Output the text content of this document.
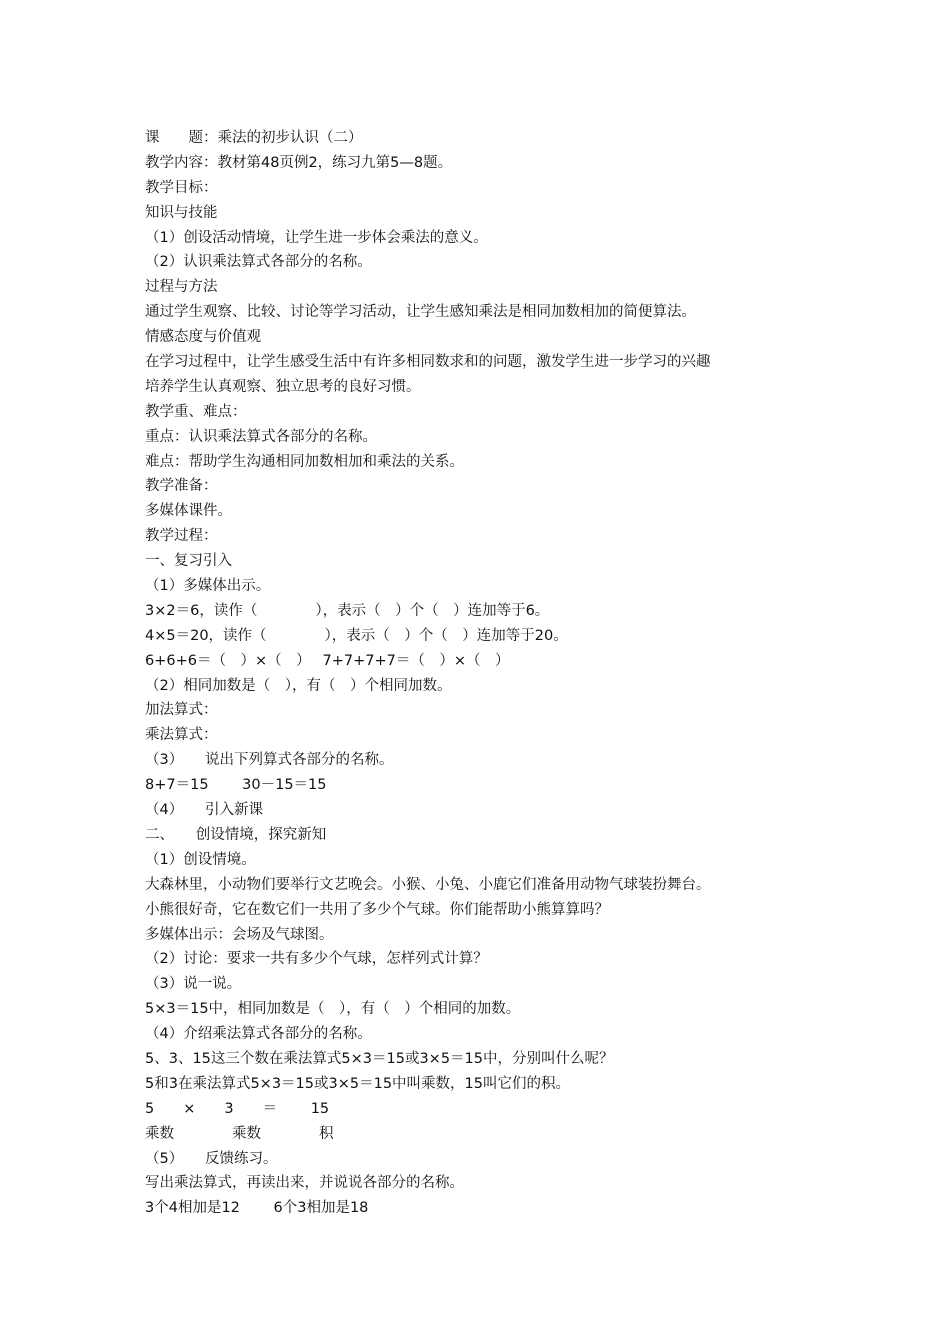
课　　题：乘法的初步认识（二）
教学内容：教材第48页例2，练习九第5—8题。
教学目标：
知识与技能
（1）创设活动情境，让学生进一步体会乘法的意义。
（2）认识乘法算式各部分的名称。
过程与方法
通过学生观察、比较、讨论等学习活动，让学生感知乘法是相同加数相加的简便算法。
情感态度与价值观
在学习过程中，让学生感受生活中有许多相同数求和的问题，激发学生进一步学习的兴趣
培养学生认真观察、独立思考的良好习惯。
教学重、难点：
重点：认识乘法算式各部分的名称。
难点：帮助学生沟通相同加数相加和乘法的关系。
教学准备：
多媒体课件。
教学过程：
一、复习引入
（1）多媒体出示。
3×2＝6，读作（　　　　），表示（　）个（　）连加等于6。
4×5＝20，读作（　　　　），表示（　）个（　）连加等于20。
6+6+6＝（　）×（　）　 7+7+7+7＝（　）×（　）
（2）相同加数是（　），有（　）个相同加数。
加法算式：
乘法算式：
（3）　　说出下列算式各部分的名称。
8+7＝15　　 30－15＝15
（4）　　引入新课
二、　　创设情境，探究新知
（1）创设情境。
大森林里，小动物们要举行文艺晚会。小猴、小兔、小鹿它们准备用动物气球装扮舞台。
小熊很好奇，它在数它们一共用了多少个气球。你们能帮助小熊算算吗？
多媒体出示：会场及气球图。
（2）讨论：要求一共有多少个气球，怎样列式计算？
（3）说一说。
5×3＝15中，相同加数是（　），有（　）个相同的加数。
（4）介绍乘法算式各部分的名称。
5、3、15这三个数在乘法算式5×3＝15或3×5＝15中，分别叫什么呢？
5和3在乘法算式5×3＝15或3×5＝15中叫乘数，15叫它们的积。
5　　×　　3　　＝　　 15
乘数　　　　乘数　　　　积
（5）　　反馈练习。
写出乘法算式，再读出来，并说说各部分的名称。
3个4相加是12　　 6个3相加是18
